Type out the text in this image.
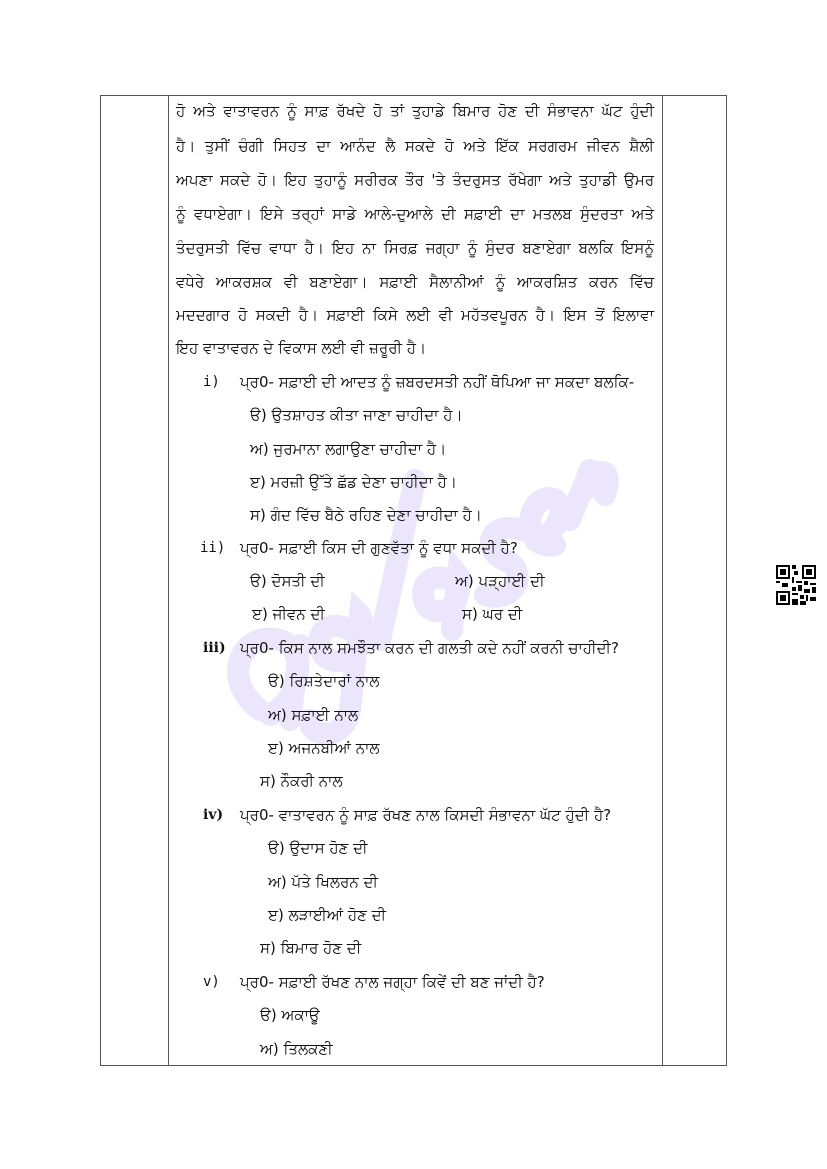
ਹੋ ਅਤੇ ਵਾਤਾਵਰਨ ਨੂੰ ਸਾਫ਼ ਰੱਖਦੇ ਹੋ ਤਾਂ ਤੁਹਾਡੇ ਬਿਮਾਰ ਹੋਣ ਦੀ ਸੰਭਾਵਨਾ ਘੱਟ ਹੁੰਦੀ
ਹੈ। ਤੁਸੀਂ ਚੰਗੀ ਸਿਹਤ ਦਾ ਆਨੰਦ ਲੈ ਸਕਦੇ ਹੋ ਅਤੇ ਇੱਕ ਸਰਗਰਮ ਜੀਵਨ ਸ਼ੈਲੀ
ਅਪਣਾ ਸਕਦੇ ਹੋ। ਇਹ ਤੁਹਾਨੂੰ ਸਰੀਰਕ ਤੌਰ 'ਤੇ ਤੰਦਰੁਸਤ ਰੱਖੇਗਾ ਅਤੇ ਤੁਹਾਡੀ ਉਮਰ
ਨੂੰ ਵਧਾਏਗਾ। ਇਸੇ ਤਰ੍ਹਾਂ ਸਾਡੇ ਆਲੇ-ਦੁਆਲੇ ਦੀ ਸਫ਼ਾਈ ਦਾ ਮਤਲਬ ਸੁੰਦਰਤਾ ਅਤੇ
ਤੰਦਰੁਸਤੀ ਵਿੱਚ ਵਾਧਾ ਹੈ। ਇਹ ਨਾ ਸਿਰਫ਼ ਜਗ੍ਹਾ ਨੂੰ ਸੁੰਦਰ ਬਣਾਏਗਾ ਬਲਕਿ ਇਸਨੂੰ
ਵਧੇਰੇ ਆਕਰਸ਼ਕ ਵੀ ਬਣਾਏਗਾ। ਸਫ਼ਾਈ ਸੈਲਾਨੀਆਂ ਨੂੰ ਆਕਰਸ਼ਿਤ ਕਰਨ ਵਿੱਚ
ਮਦਦਗਾਰ ਹੋ ਸਕਦੀ ਹੈ। ਸਫ਼ਾਈ ਕਿਸੇ ਲਈ ਵੀ ਮਹੱਤਵਪੂਰਨ ਹੈ। ਇਸ ਤੋਂ ਇਲਾਵਾ
ਇਹ ਵਾਤਾਵਰਨ ਦੇ ਵਿਕਾਸ ਲਈ ਵੀ ਜ਼ਰੂਰੀ ਹੈ।
i) ਪ੍ਰ0- ਸਫ਼ਾਈ ਦੀ ਆਦਤ ਨੂੰ ਜ਼ਬਰਦਸਤੀ ਨਹੀਂ ਥੋਪਿਆ ਜਾ ਸਕਦਾ ਬਲਕਿ-
ੳ) ਉਤਸ਼ਾਹਤ ਕੀਤਾ ਜਾਣਾ ਚਾਹੀਦਾ ਹੈ।
ਅ) ਜੁਰਮਾਨਾ ਲਗਾਉਣਾ ਚਾਹੀਦਾ ਹੈ।
ੲ) ਮਰਜ਼ੀ ਉੱਤੇ ਛੱਡ ਦੇਣਾ ਚਾਹੀਦਾ ਹੈ।
ਸ) ਗੰਦ ਵਿੱਚ ਬੈਠੇ ਰਹਿਣ ਦੇਣਾ ਚਾਹੀਦਾ ਹੈ।
ii) ਪ੍ਰ0- ਸਫ਼ਾਈ ਕਿਸ ਦੀ ਗੁਣਵੱਤਾ ਨੂੰ ਵਧਾ ਸਕਦੀ ਹੈ?
ੳ) ਦੋਸਤੀ ਦੀ	ਅ) ਪੜ੍ਹਾਈ ਦੀ
ੲ) ਜੀਵਨ ਦੀ	ਸ) ਘਰ ਦੀ
iii) ਪ੍ਰ0- ਕਿਸ ਨਾਲ ਸਮਝੌਤਾ ਕਰਨ ਦੀ ਗਲਤੀ ਕਦੇ ਨਹੀਂ ਕਰਨੀ ਚਾਹੀਦੀ?
ੳ) ਰਿਸ਼ਤੇਦਾਰਾਂ ਨਾਲ
ਅ) ਸਫ਼ਾਈ ਨਾਲ
ੲ) ਅਜਨਬੀਆਂ ਨਾਲ
ਸ) ਨੌਕਰੀ ਨਾਲ
iv) ਪ੍ਰ0- ਵਾਤਾਵਰਨ ਨੂੰ ਸਾਫ਼ ਰੱਖਣ ਨਾਲ ਕਿਸਦੀ ਸੰਭਾਵਨਾ ਘੱਟ ਹੁੰਦੀ ਹੈ?
ੳ) ਉਦਾਸ ਹੋਣ ਦੀ
ਅ) ਪੱਤੇ ਖਿਲਰਨ ਦੀ
ੲ) ਲੜਾਈਆਂ ਹੋਣ ਦੀ
ਸ) ਬਿਮਾਰ ਹੋਣ ਦੀ
v) ਪ੍ਰ0- ਸਫ਼ਾਈ ਰੱਖਣ ਨਾਲ ਜਗ੍ਹਾ ਕਿਵੇਂ ਦੀ ਬਣ ਜਾਂਦੀ ਹੈ?
ੳ) ਅਕਾਊ
ਅ) ਤਿਲਕਣੀ
